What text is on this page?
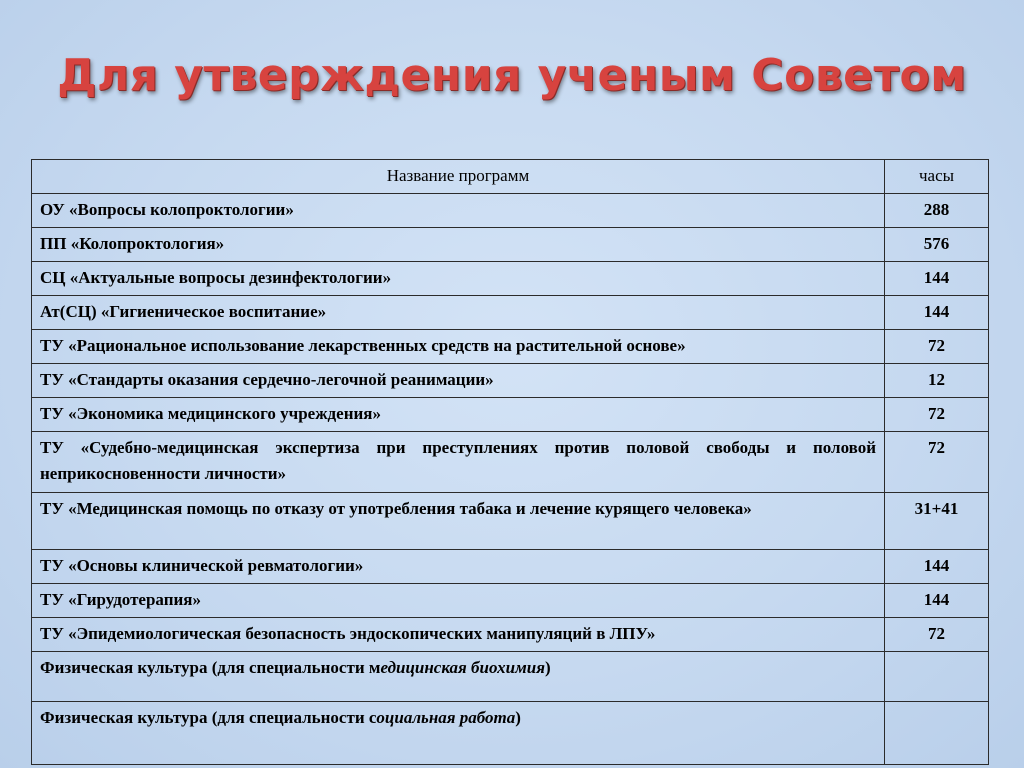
Для утверждения ученым Советом
Название программ	часы
ОУ «Вопросы колопроктологии»	288
ПП «Колопроктология»	576
СЦ «Актуальные вопросы дезинфектологии»	144
Ат(СЦ) «Гигиеническое воспитание»	144
ТУ «Рациональное использование лекарственных средств на растительной основе»	72
ТУ «Стандарты оказания сердечно-легочной реанимации»	12
ТУ «Экономика медицинского учреждения»	72
ТУ «Судебно-медицинская экспертиза при преступлениях против половой свободы и половой неприкосновенности личности»	72
ТУ «Медицинская помощь по отказу от употребления табака и лечение курящего человека»	31+41
ТУ «Основы клинической ревматологии»	144
ТУ «Гирудотерапия»	144
ТУ «Эпидемиологическая безопасность эндоскопических манипуляций в ЛПУ»	72
Физическая культура (для специальности медицинская биохимия)	
Физическая культура (для специальности социальная работа)	
